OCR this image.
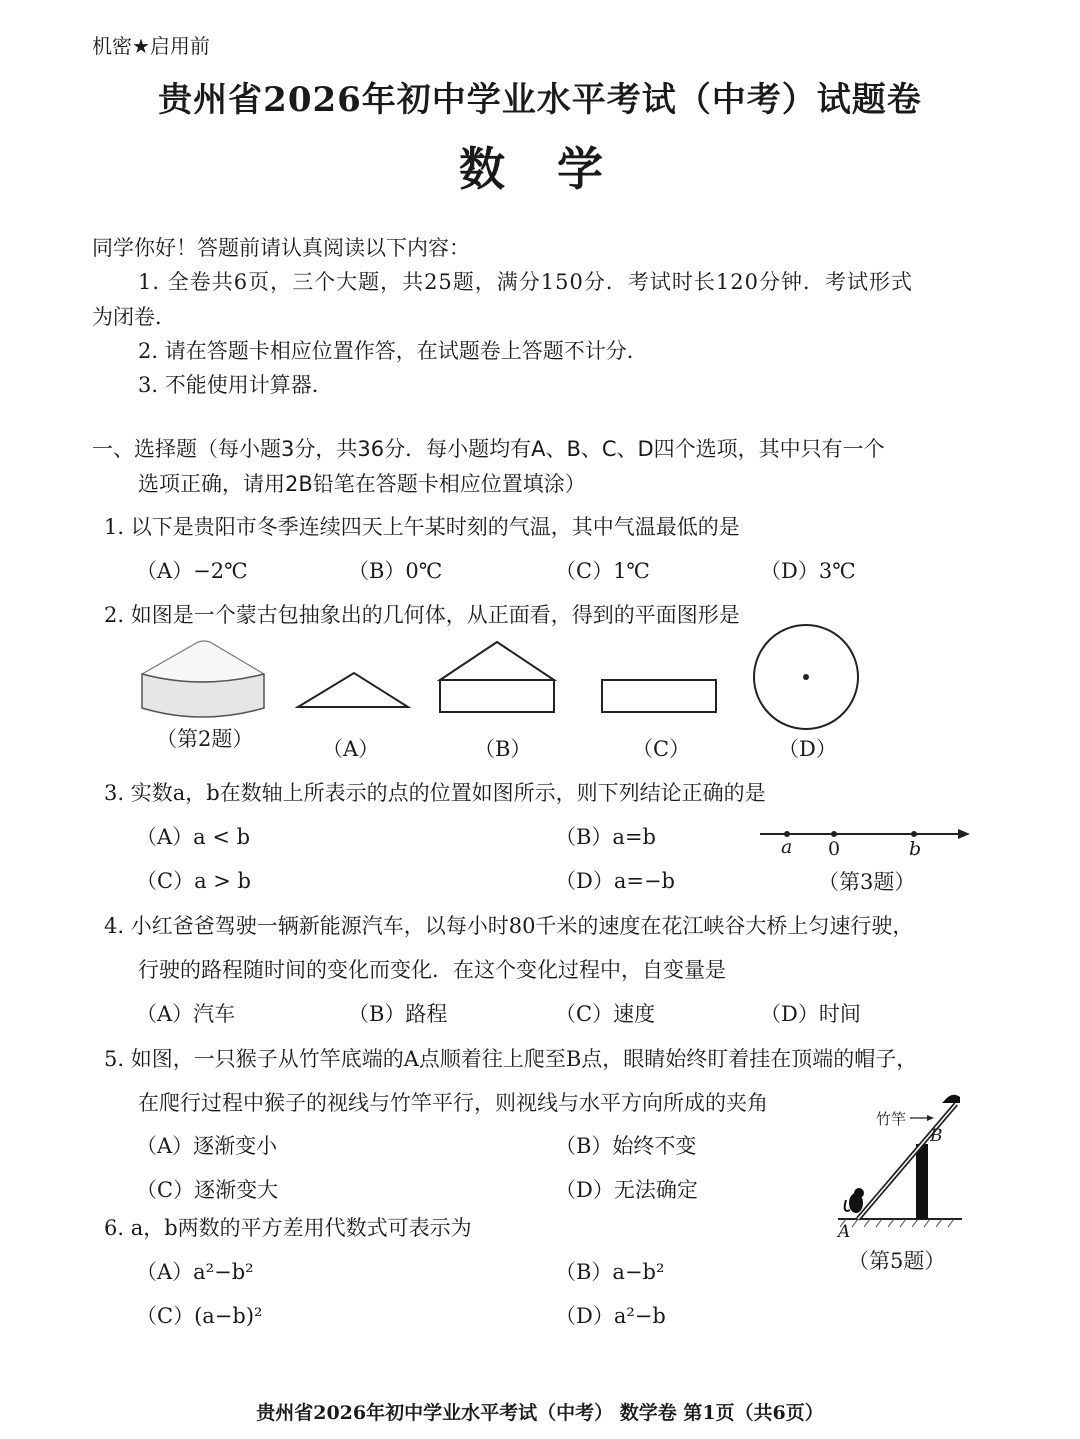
机密★启用前
贵州省2026年初中学业水平考试（中考）试题卷
数 学
同学你好！答题前请认真阅读以下内容：
1. 全卷共6页，三个大题，共25题，满分150分．考试时长120分钟．考试形式
为闭卷．
2. 请在答题卡相应位置作答，在试题卷上答题不计分．
3. 不能使用计算器．
一、选择题（每小题3分，共36分．每小题均有A、B、C、D四个选项，其中只有一个
选项正确，请用2B铅笔在答题卡相应位置填涂）
1. 以下是贵阳市冬季连续四天上午某时刻的气温，其中气温最低的是
（A）−2℃	（B）0℃	（C）1℃	（D）3℃
2. 如图是一个蒙古包抽象出的几何体，从正面看，得到的平面图形是
（第2题）	（A）	（B）	（C）	（D）
3. 实数a，b在数轴上所表示的点的位置如图所示，则下列结论正确的是
（A）a < b	（B）a=b
（C）a > b	（D）a=−b
a 0	b
（第3题）
4. 小红爸爸驾驶一辆新能源汽车，以每小时80千米的速度在花江峡谷大桥上匀速行驶，
行驶的路程随时间的变化而变化．在这个变化过程中，自变量是
（A）汽车	（B）路程	（C）速度	（D）时间
5. 如图，一只猴子从竹竿底端的A点顺着往上爬至B点，眼睛始终盯着挂在顶端的帽子，
在爬行过程中猴子的视线与竹竿平行，则视线与水平方向所成的夹角
（A）逐渐变小	（B）始终不变
（C）逐渐变大	（D）无法确定
竹竿
B
A
（第5题）
6. a，b两数的平方差用代数式可表示为
（A）a²−b²	（B）a−b²
（C）(a−b)²	（D）a²−b
贵州省2026年初中学业水平考试（中考） 数学卷 第1页（共6页）
